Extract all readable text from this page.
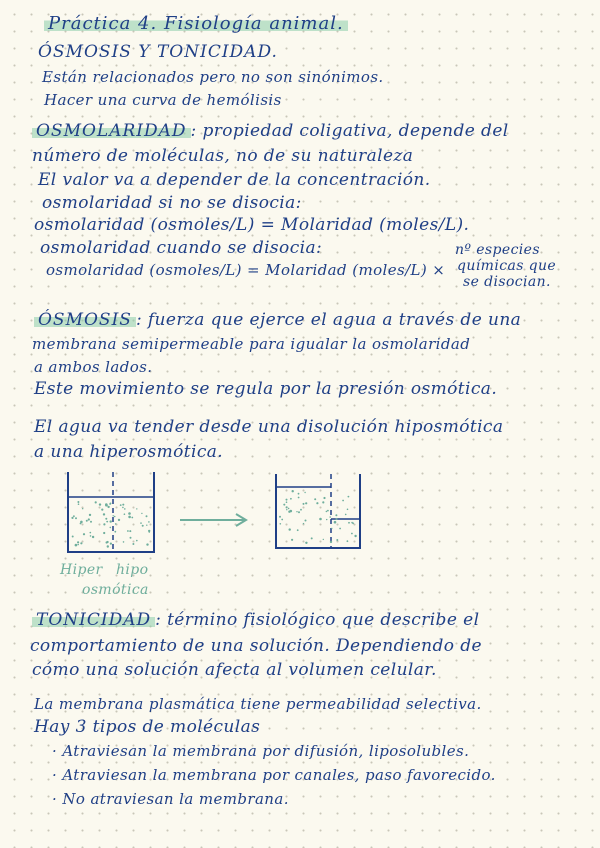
Práctica 4. Fisiología animal.
ÓSMOSIS Y TONICIDAD.
Están relacionados pero no son sinónimos.
Hacer una curva de hemólisis
OSMOLARIDAD : propiedad coligativa, depende del
número de moléculas, no de su naturaleza
El valor va a depender de la concentración.
osmolaridad si no se disocia:
osmolaridad (osmoles/L) = Molaridad (moles/L).
osmolaridad cuando se disocia:
osmolaridad (osmoles/L) = Molaridad (moles/L) ×
nº especies
químicas que
se disocian.
ÓSMOSIS : fuerza que ejerce el agua a través de una
membrana semipermeable para igualar la osmolaridad
a ambos lados.
Este movimiento se regula por la presión osmótica.
El agua va tender desde una disolución hiposmótica
a una hiperosmótica.
Hiper hipo
osmótica
TONICIDAD : término fisiológico que describe el
comportamiento de una solución. Dependiendo de
cómo una solución afecta al volumen celular.
La membrana plasmática tiene permeabilidad selectiva.
Hay 3 tipos de moléculas
· Atraviesan la membrana por difusión, liposolubles.
· Atraviesan la membrana por canales, paso favorecido.
· No atraviesan la membrana.
